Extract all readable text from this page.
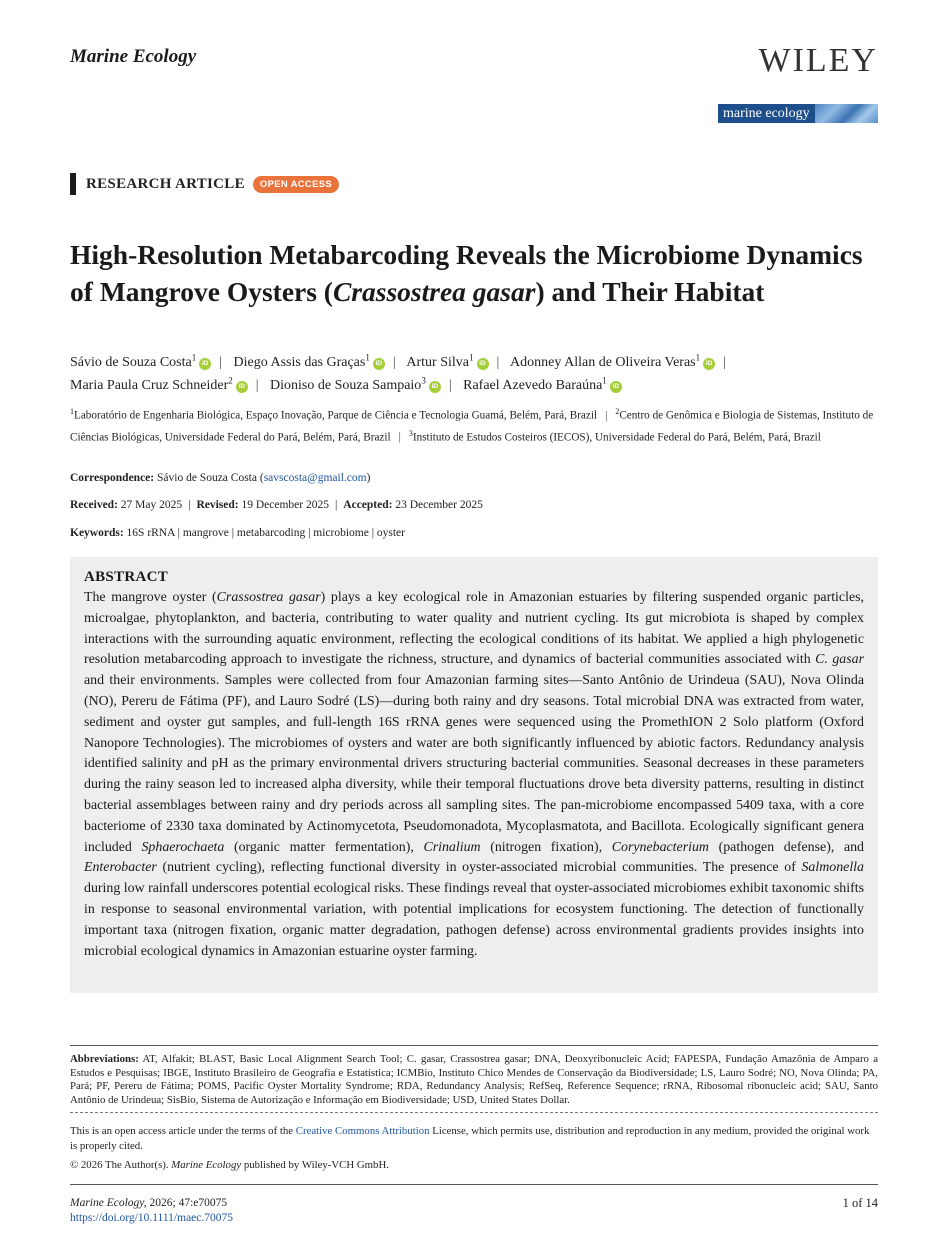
Marine Ecology	WILEY
marine ecology
RESEARCH ARTICLE	OPEN ACCESS
High-Resolution Metabarcoding Reveals the Microbiome Dynamics of Mangrove Oysters (Crassostrea gasar) and Their Habitat
Sávio de Souza Costa$^1$iD | Diego Assis das Graças$^1$iD | Artur Silva$^1$iD | Adonney Allan de Oliveira Veras$^1$iD |
Maria Paula Cruz Schneider$^2$iD | Dioniso de Souza Sampaio$^3$iD | Rafael Azevedo Baraúna$^1$iD
$^1$Laboratório de Engenharia Biológica, Espaço Inovação, Parque de Ciência e Tecnologia Guamá, Belém, Pará, Brazil | $^2$Centro de Genômica e Biologia de Sistemas, Instituto de Ciências Biológicas, Universidade Federal do Pará, Belém, Pará, Brazil | $^3$Instituto de Estudos Costeiros (IECOS), Universidade Federal do Pará, Belém, Pará, Brazil
Correspondence: Sávio de Souza Costa (savscosta@gmail.com)
Received: 27 May 2025 | Revised: 19 December 2025 | Accepted: 23 December 2025
Keywords: 16S rRNA | mangrove | metabarcoding | microbiome | oyster
ABSTRACT

The mangrove oyster (Crassostrea gasar) plays a key ecological role in Amazonian estuaries by filtering suspended organic particles, microalgae, phytoplankton, and bacteria, contributing to water quality and nutrient cycling. Its gut microbiota is shaped by complex interactions with the surrounding aquatic environment, reflecting the ecological conditions of its habitat. We applied a high phylogenetic resolution metabarcoding approach to investigate the richness, structure, and dynamics of bacterial communities associated with C. gasar and their environments. Samples were collected from four Amazonian farming sites—Santo Antônio de Urindeua (SAU), Nova Olinda (NO), Pereru de Fátima (PF), and Lauro Sodré (LS)—during both rainy and dry seasons. Total microbial DNA was extracted from water, sediment and oyster gut samples, and full-length 16S rRNA genes were sequenced using the PromethION 2 Solo platform (Oxford Nanopore Technologies). The microbiomes of oysters and water are both significantly influenced by abiotic factors. Redundancy analysis identified salinity and pH as the primary environmental drivers structuring bacterial communities. Seasonal decreases in these parameters during the rainy season led to increased alpha diversity, while their temporal fluctuations drove beta diversity patterns, resulting in distinct bacterial assemblages between rainy and dry periods across all sampling sites. The pan-microbiome encompassed 5409 taxa, with a core bacteriome of 2330 taxa dominated by Actinomycetota, Pseudomonadota, Mycoplasmatota, and Bacillota. Ecologically significant genera included Sphaerochaeta (organic matter fermentation), Crinalium (nitrogen fixation), Corynebacterium (pathogen defense), and Enterobacter (nutrient cycling), reflecting functional diversity in oyster-associated microbial communities. The presence of Salmonella during low rainfall underscores potential ecological risks. These findings reveal that oyster-associated microbiomes exhibit taxonomic shifts in response to seasonal environmental variation, with potential implications for ecosystem functioning. The detection of functionally important taxa (nitrogen fixation, organic matter degradation, pathogen defense) across environmental gradients provides insights into microbial ecological dynamics in Amazonian estuarine oyster farming.

Abbreviations: AT, Alfakit; BLAST, Basic Local Alignment Search Tool; C. gasar, Crassostrea gasar; DNA, Deoxyribonucleic Acid; FAPESPA, Fundação Amazônia de Amparo a Estudos e Pesquisas; IBGE, Instituto Brasileiro de Geografia e Estatística; ICMBio, Instituto Chico Mendes de Conservação da Biodiversidade; LS, Lauro Sodré; NO, Nova Olinda; PA, Pará; PF, Pereru de Fátima; POMS, Pacific Oyster Mortality Syndrome; RDA, Redundancy Analysis; RefSeq, Reference Sequence; rRNA, Ribosomal ribonucleic acid; SAU, Santo Antônio de Urindeua; SisBio, Sistema de Autorização e Informação em Biodiversidade; USD, United States Dollar.
This is an open access article under the terms of the Creative Commons Attribution License, which permits use, distribution and reproduction in any medium, provided the original work is properly cited.
© 2026 The Author(s). Marine Ecology published by Wiley-VCH GmbH.
Marine Ecology, 2026; 47:e70075
https://doi.org/10.1111/maec.70075
1 of 14
